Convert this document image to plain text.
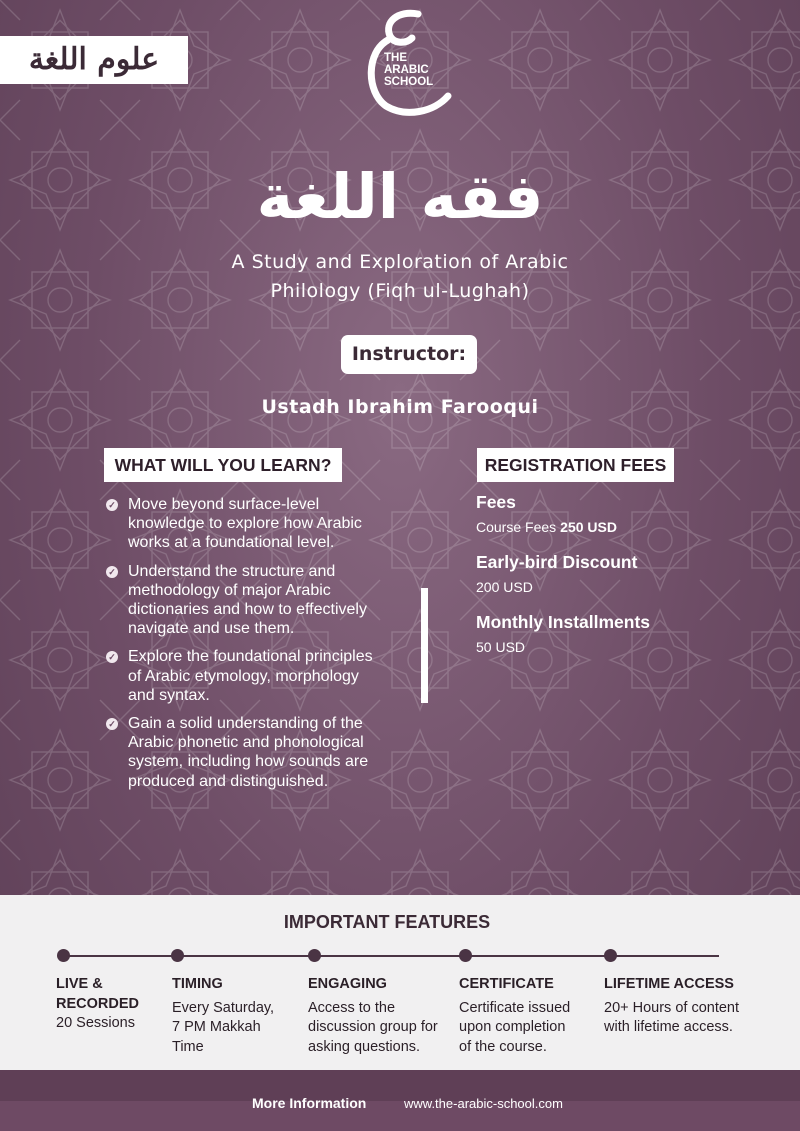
علوم اللغة	THE
ARABIC
SCHOOL
فقه اللغة
A Study and Exploration of Arabic
Philology (Fiqh ul-Lughah)
Instructor:
Ustadh Ibrahim Farooqui
WHAT WILL YOU LEARN?	REGISTRATION FEES
✓ Move beyond surface-level knowledge to explore how Arabic works at a foundational level.
✓ Understand the structure and methodology of major Arabic dictionaries and how to effectively navigate and use them.
✓ Explore the foundational principles of Arabic etymology, morphology and syntax.
✓ Gain a solid understanding of the Arabic phonetic and phonological system, including how sounds are produced and distinguished.
Fees
Course Fees 250 USD
Early-bird Discount
200 USD
Monthly Installments
50 USD
IMPORTANT FEATURES
LIVE &
RECORDED
20 Sessions
TIMING
Every Saturday,
7 PM Makkah
Time
ENGAGING
Access to the
discussion group for
asking questions.
CERTIFICATE
Certificate issued
upon completion
of the course.
LIFETIME ACCESS
20+ Hours of content
with lifetime access.
More Information	www.the-arabic-school.com
